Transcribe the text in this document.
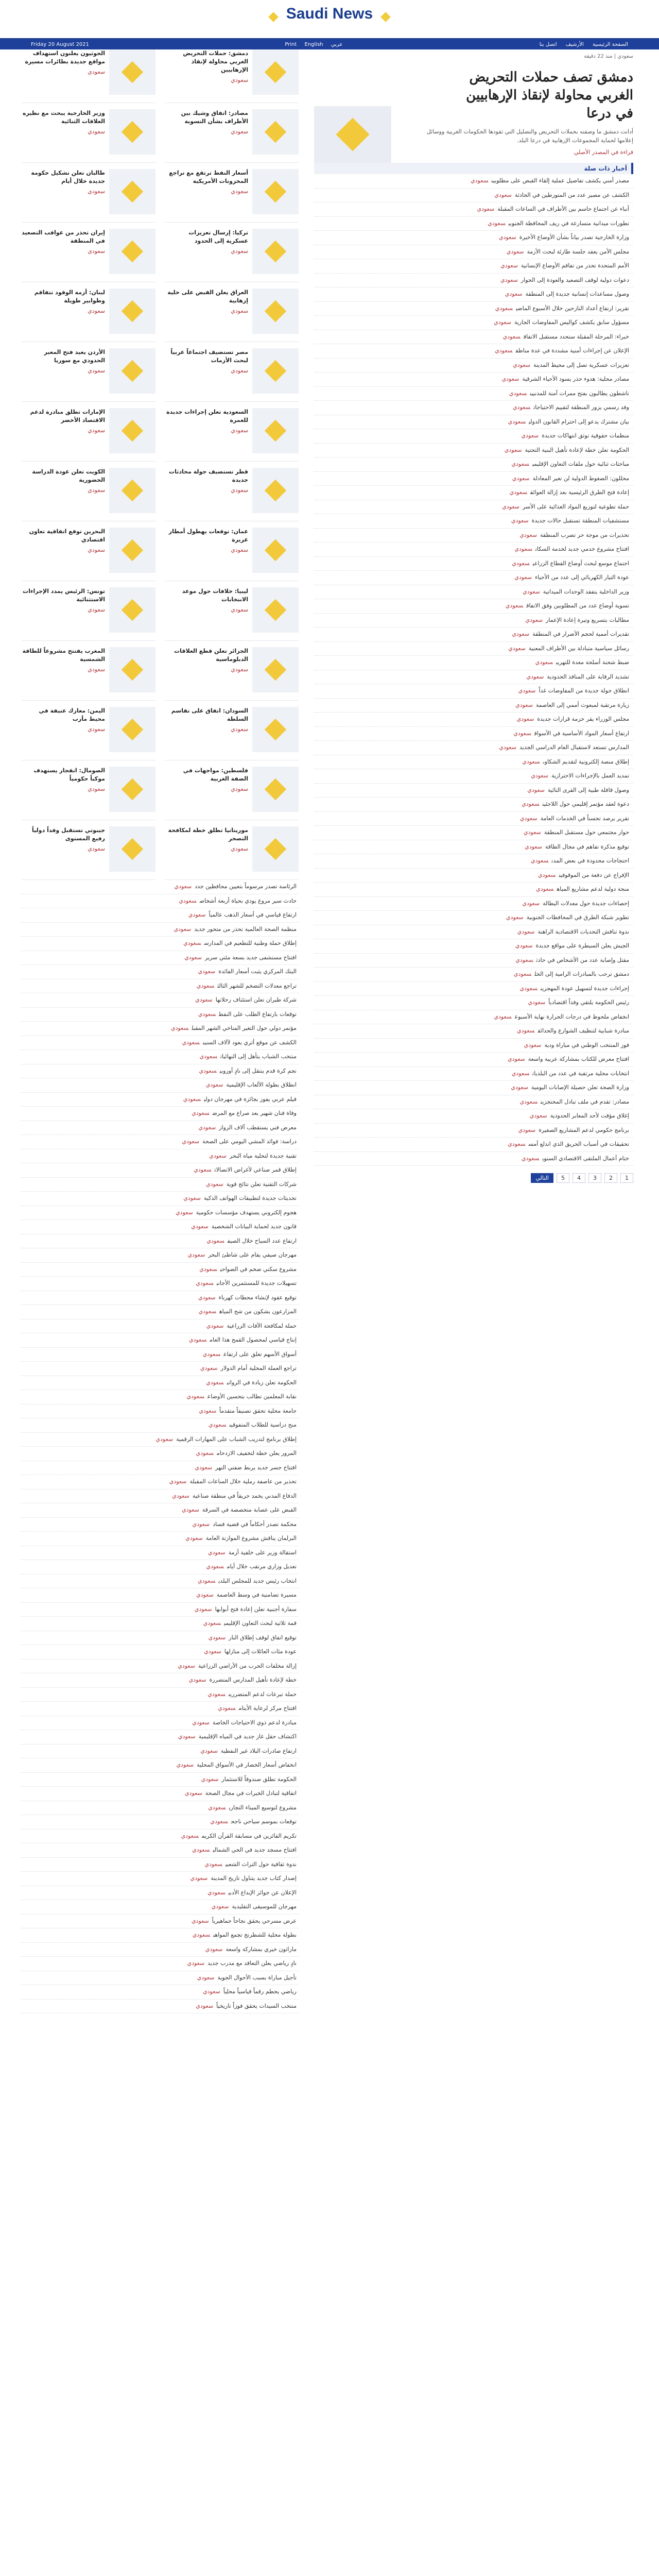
Saudi News
Friday 20 August 2021	Print English عربي	الصفحة الرئيسية الأرشيف اتصل بنا
سعودي | منذ 22 دقيقة
دمشق تصف حملات التحريض الغربي محاولة لإنقاذ الإرهابيين في درعا

أدانت دمشق ما وصفته بحملات التحريض والتضليل التي تقودها الحكومات الغربية ووسائل إعلامها لحماية المجموعات الإرهابية في درعا البلد.

قراءة في المصدر الأصلي
أخبار ذات صلة
مصدر أمني يكشف تفاصيل عملية إلقاء القبض على مطلوبينسعودي
الكشف عن مصير عدد من المتورطين في الحادثةسعودي
أنباء عن اجتماع حاسم بين الأطراف في الساعات المقبلةسعودي
تطورات ميدانية متسارعة في ريف المحافظة الجنوبيسعودي
وزارة الخارجية تصدر بياناً بشأن الأوضاع الأخيرةسعودي
مجلس الأمن يعقد جلسة طارئة لبحث الأزمةسعودي
الأمم المتحدة تحذر من تفاقم الأوضاع الإنسانيةسعودي
دعوات دولية لوقف التصعيد والعودة إلى الحوارسعودي
وصول مساعدات إنسانية جديدة إلى المنطقةسعودي
تقرير: ارتفاع أعداد النازحين خلال الأسبوع الماضيسعودي
مسؤول سابق يكشف كواليس المفاوضات الجاريةسعودي
خبراء: المرحلة المقبلة ستحدد مستقبل الاتفاقسعودي
الإعلان عن إجراءات أمنية مشددة في عدة مناطقسعودي
تعزيزات عسكرية تصل إلى محيط المدينةسعودي
مصادر محلية: هدوء حذر يسود الأحياء الشرقيةسعودي
ناشطون يطالبون بفتح ممرات آمنة للمدنيينسعودي
وفد رسمي يزور المنطقة لتقييم الاحتياجاتسعودي
بيان مشترك يدعو إلى احترام القانون الدوليسعودي
منظمات حقوقية توثق انتهاكات جديدةسعودي
الحكومة تعلن خطة لإعادة تأهيل البنية التحتيةسعودي
مباحثات ثنائية حول ملفات التعاون الإقليميسعودي
محللون: الضغوط الدولية لن تغير المعادلةسعودي
إعادة فتح الطرق الرئيسية بعد إزالة العوائقسعودي
حملة تطوعية لتوزيع المواد الغذائية على الأسرسعودي
مستشفيات المنطقة تستقبل حالات جديدةسعودي
تحذيرات من موجة حر تضرب المنطقةسعودي
افتتاح مشروع خدمي جديد لخدمة السكانسعودي
اجتماع موسع لبحث أوضاع القطاع الزراعيسعودي
عودة التيار الكهربائي إلى عدد من الأحياءسعودي
وزير الداخلية يتفقد الوحدات الميدانيةسعودي
تسوية أوضاع عدد من المطلوبين وفق الاتفاقسعودي
مطالبات بتسريع وتيرة إعادة الإعمارسعودي
تقديرات أممية لحجم الأضرار في المنطقةسعودي
رسائل سياسية متبادلة بين الأطراف المعنيةسعودي
ضبط شحنة أسلحة معدة للتهريبسعودي
تشديد الرقابة على المنافذ الحدوديةسعودي
انطلاق جولة جديدة من المفاوضات غداًسعودي
زيارة مرتقبة لمبعوث أممي إلى العاصمةسعودي
مجلس الوزراء يقر حزمة قرارات جديدةسعودي
ارتفاع أسعار المواد الأساسية في الأسواقسعودي
المدارس تستعد لاستقبال العام الدراسي الجديدسعودي
إطلاق منصة إلكترونية لتقديم الشكاوىسعودي
تمديد العمل بالإجراءات الاحترازيةسعودي
وصول قافلة طبية إلى القرى النائيةسعودي
دعوة لعقد مؤتمر إقليمي حول اللاجئينسعودي
تقرير يرصد تحسناً في الخدمات العامةسعودي
حوار مجتمعي حول مستقبل المنطقةسعودي
توقيع مذكرة تفاهم في مجال الطاقةسعودي
احتجاجات محدودة في بعض المدنسعودي
الإفراج عن دفعة من الموقوفينسعودي
منحة دولية لدعم مشاريع المياهسعودي
إحصاءات جديدة حول معدلات البطالةسعودي
تطوير شبكة الطرق في المحافظات الجنوبيةسعودي
ندوة تناقش التحديات الاقتصادية الراهنةسعودي
الجيش يعلن السيطرة على مواقع جديدةسعودي
مقتل وإصابة عدد من الأشخاص في حادثسعودي
دمشق ترحب بالمبادرات الرامية إلى الحلسعودي
إجراءات جديدة لتسهيل عودة المهجرينسعودي
رئيس الحكومة يلتقي وفداً اقتصادياًسعودي
انخفاض ملحوظ في درجات الحرارة نهاية الأسبوعسعودي
مبادرة شبابية لتنظيف الشوارع والحدائقسعودي
فوز المنتخب الوطني في مباراة وديةسعودي
افتتاح معرض للكتاب بمشاركة عربية واسعةسعودي
انتخابات محلية مرتقبة في عدد من البلدياتسعودي
وزارة الصحة تعلن حصيلة الإصابات اليوميةسعودي
مصادر: تقدم في ملف تبادل المحتجزينسعودي
إغلاق مؤقت لأحد المعابر الحدوديةسعودي
برنامج حكومي لدعم المشاريع الصغيرةسعودي
تحقيقات في أسباب الحريق الذي اندلع أمسسعودي
ختام أعمال الملتقى الاقتصادي السنويسعودي
1
2
3
4
5
التالي
دمشق: حملات التحريض الغربي محاولة لإنقاذ الإرهابيين
سعودي
الحوثيون يعلنون استهداف مواقع جديدة بطائرات مسيرة
سعودي
مصادر: اتفاق وشيك بين الأطراف بشأن التسوية
سعودي
وزير الخارجية يبحث مع نظيره العلاقات الثنائية
سعودي
أسعار النفط ترتفع مع تراجع المخزونات الأمريكية
سعودي
طالبان تعلن تشكيل حكومة جديدة خلال أيام
سعودي
تركيا: إرسال تعزيزات عسكرية إلى الحدود
سعودي
إيران تحذر من عواقب التصعيد في المنطقة
سعودي
العراق يعلن القبض على خلية إرهابية
سعودي
لبنان: أزمة الوقود تتفاقم وطوابير طويلة
سعودي
مصر تستضيف اجتماعاً عربياً لبحث الأزمات
سعودي
الأردن يعيد فتح المعبر الحدودي مع سوريا
سعودي
السعودية تعلن إجراءات جديدة للعمرة
سعودي
الإمارات تطلق مبادرة لدعم الاقتصاد الأخضر
سعودي
قطر تستضيف جولة محادثات جديدة
سعودي
الكويت تعلن عودة الدراسة الحضورية
سعودي
عمان: توقعات بهطول أمطار غزيرة
سعودي
البحرين توقع اتفاقية تعاون اقتصادي
سعودي
ليبيا: خلافات حول موعد الانتخابات
سعودي
تونس: الرئيس يمدد الإجراءات الاستثنائية
سعودي
الجزائر تعلن قطع العلاقات الدبلوماسية
سعودي
المغرب يفتتح مشروعاً للطاقة الشمسية
سعودي
السودان: اتفاق على تقاسم السلطة
سعودي
اليمن: معارك عنيفة في محيط مأرب
سعودي
فلسطين: مواجهات في الضفة الغربية
سعودي
الصومال: انفجار يستهدف موكباً حكومياً
سعودي
موريتانيا تطلق خطة لمكافحة التصحر
سعودي
جيبوتي تستقبل وفداً دولياً رفيع المستوى
سعودي
الرئاسة تصدر مرسوماً بتعيين محافظين جددسعودي
حادث سير مروع يودي بحياة أربعة أشخاصسعودي
ارتفاع قياسي في أسعار الذهب عالمياًسعودي
منظمة الصحة العالمية تحذر من متحور جديدسعودي
إطلاق حملة وطنية للتطعيم في المدارسسعودي
افتتاح مستشفى جديد بسعة مئتي سريرسعودي
البنك المركزي يثبت أسعار الفائدةسعودي
تراجع معدلات التضخم للشهر الثالثسعودي
شركة طيران تعلن استئناف رحلاتهاسعودي
توقعات بارتفاع الطلب على النفطسعودي
مؤتمر دولي حول التغير المناخي الشهر المقبلسعودي
الكشف عن موقع أثري يعود لآلاف السنينسعودي
منتخب الشباب يتأهل إلى النهائياتسعودي
نجم كرة قدم ينتقل إلى نادٍ أوروبيسعودي
انطلاق بطولة الألعاب الإقليميةسعودي
فيلم عربي يفوز بجائزة في مهرجان دوليسعودي
وفاة فنان شهير بعد صراع مع المرضسعودي
معرض فني يستقطب آلاف الزوارسعودي
دراسة: فوائد المشي اليومي على الصحةسعودي
تقنية جديدة لتحلية مياه البحرسعودي
إطلاق قمر صناعي لأغراض الاتصالاتسعودي
شركات التقنية تعلن نتائج قويةسعودي
تحديثات جديدة لتطبيقات الهواتف الذكيةسعودي
هجوم إلكتروني يستهدف مؤسسات حكوميةسعودي
قانون جديد لحماية البيانات الشخصيةسعودي
ارتفاع عدد السياح خلال الصيفسعودي
مهرجان صيفي يقام على شاطئ البحرسعودي
مشروع سكني ضخم في الضواحيسعودي
تسهيلات جديدة للمستثمرين الأجانبسعودي
توقيع عقود لإنشاء محطات كهرباءسعودي
المزارعون يشكون من شح المياهسعودي
حملة لمكافحة الآفات الزراعيةسعودي
إنتاج قياسي لمحصول القمح هذا العامسعودي
أسواق الأسهم تغلق على ارتفاعسعودي
تراجع العملة المحلية أمام الدولارسعودي
الحكومة تعلن زيادة في الرواتبسعودي
نقابة المعلمين تطالب بتحسين الأوضاعسعودي
جامعة محلية تحقق تصنيفاً متقدماًسعودي
منح دراسية للطلاب المتفوقينسعودي
إطلاق برنامج لتدريب الشباب على المهارات الرقميةسعودي
المرور يعلن خطة لتخفيف الازدحامسعودي
افتتاح جسر جديد يربط ضفتي النهرسعودي
تحذير من عاصفة رملية خلال الساعات المقبلةسعودي
الدفاع المدني يخمد حريقاً في منطقة صناعيةسعودي
القبض على عصابة متخصصة في السرقةسعودي
محكمة تصدر أحكاماً في قضية فسادسعودي
البرلمان يناقش مشروع الموازنة العامةسعودي
استقالة وزير على خلفية أزمةسعودي
تعديل وزاري مرتقب خلال أيامسعودي
انتخاب رئيس جديد للمجلس البلديسعودي
مسيرة تضامنية في وسط العاصمةسعودي
سفارة أجنبية تعلن إعادة فتح أبوابهاسعودي
قمة ثلاثية لبحث التعاون الإقليميسعودي
توقيع اتفاق لوقف إطلاق النارسعودي
عودة مئات العائلات إلى منازلهاسعودي
إزالة مخلفات الحرب من الأراضي الزراعيةسعودي
خطة لإعادة تأهيل المدارس المتضررةسعودي
حملة تبرعات لدعم المتضررينسعودي
افتتاح مركز لرعاية الأيتامسعودي
مبادرة لدعم ذوي الاحتياجات الخاصةسعودي
اكتشاف حقل غاز جديد في المياه الإقليميةسعودي
ارتفاع صادرات البلاد غير النفطيةسعودي
انخفاض أسعار الخضار في الأسواق المحليةسعودي
الحكومة تطلق صندوقاً للاستثمارسعودي
اتفاقية لتبادل الخبرات في مجال الصحةسعودي
مشروع لتوسيع الميناء التجاريسعودي
توقعات بموسم سياحي ناجحسعودي
تكريم الفائزين في مسابقة القرآن الكريمسعودي
افتتاح مسجد جديد في الحي الشماليسعودي
ندوة ثقافية حول التراث الشعبيسعودي
إصدار كتاب جديد يتناول تاريخ المدينةسعودي
الإعلان عن جوائز الإبداع الأدبيسعودي
مهرجان للموسيقى التقليديةسعودي
عرض مسرحي يحقق نجاحاً جماهيرياًسعودي
بطولة محلية للشطرنج تجمع المواهبسعودي
ماراثون خيري بمشاركة واسعةسعودي
نادٍ رياضي يعلن التعاقد مع مدرب جديدسعودي
تأجيل مباراة بسبب الأحوال الجويةسعودي
رياضي يحطم رقماً قياسياً محلياًسعودي
منتخب السيدات يحقق فوزاً تاريخياًسعودي
